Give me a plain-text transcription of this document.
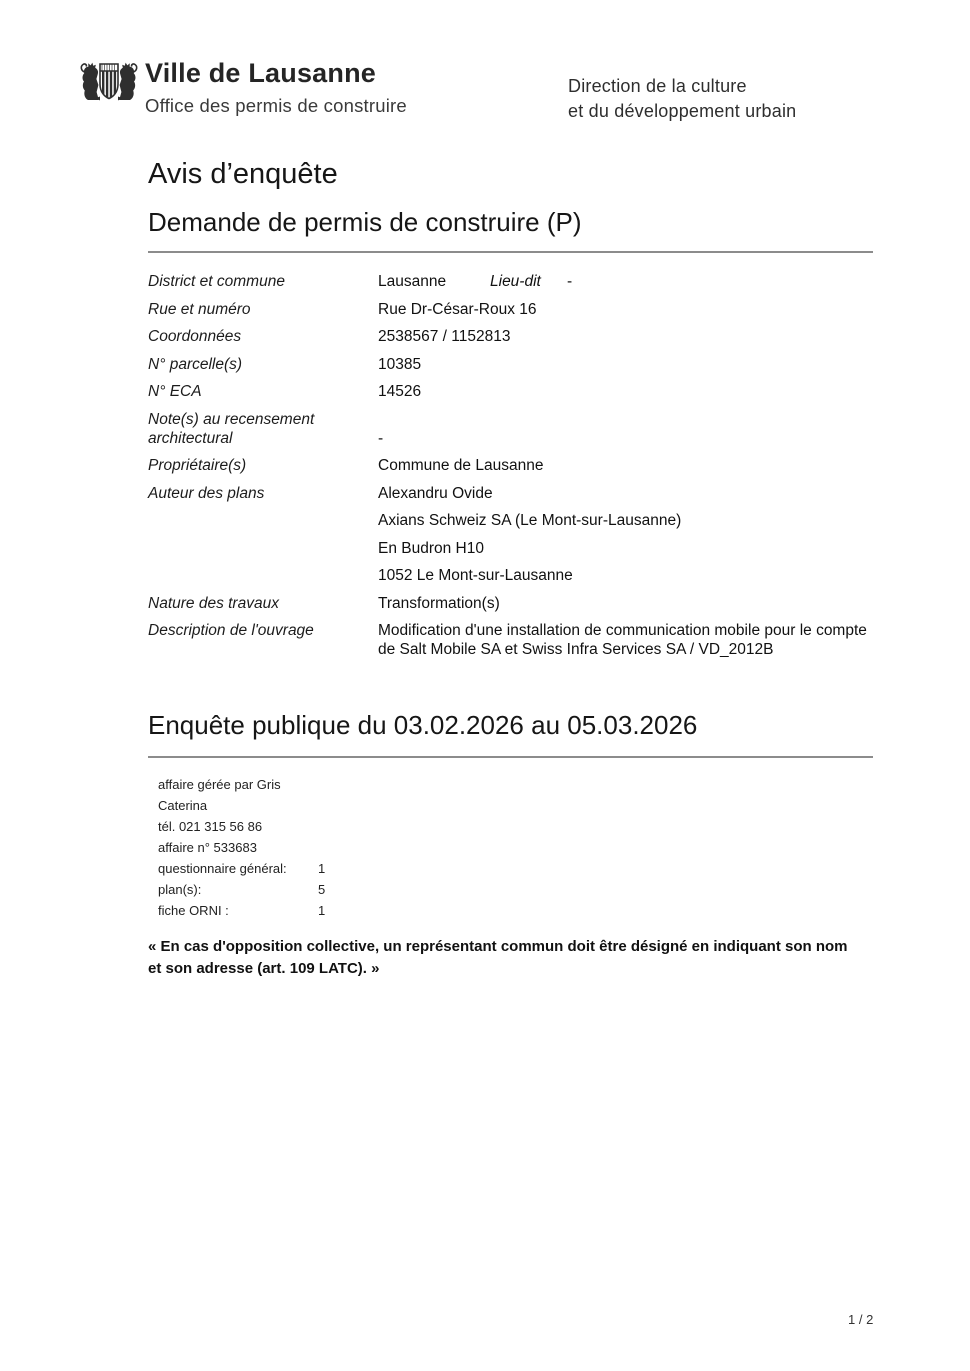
Ville de Lausanne
Office des permis de construire
Direction de la culture
et du développement urbain
Avis d’enquête
Demande de permis de construire (P)
District et commune	Lausanne	Lieu-dit -
Rue et numéro	Rue Dr-César-Roux 16
Coordonnées	2538567 / 1152813
N° parcelle(s)	10385
N° ECA	14526
Note(s) au recensement architectural	-
Propriétaire(s)	Commune de Lausanne
Auteur des plans	Alexandru Ovide
Axians Schweiz SA (Le Mont-sur-Lausanne)
En Budron H10
1052 Le Mont-sur-Lausanne
Nature des travaux	Transformation(s)
Description de l'ouvrage	Modification d'une installation de communication mobile pour le compte de Salt Mobile SA et Swiss Infra Services SA / VD_2012B
Enquête publique du 03.02.2026 au 05.03.2026
affaire gérée par Gris Caterina
tél. 021 315 56 86
affaire n° 533683
questionnaire général:	1
plan(s):	5
fiche ORNI :	1
« En cas d'opposition collective, un représentant commun doit être désigné en indiquant son nom et son adresse (art. 109 LATC). »
1 / 2
